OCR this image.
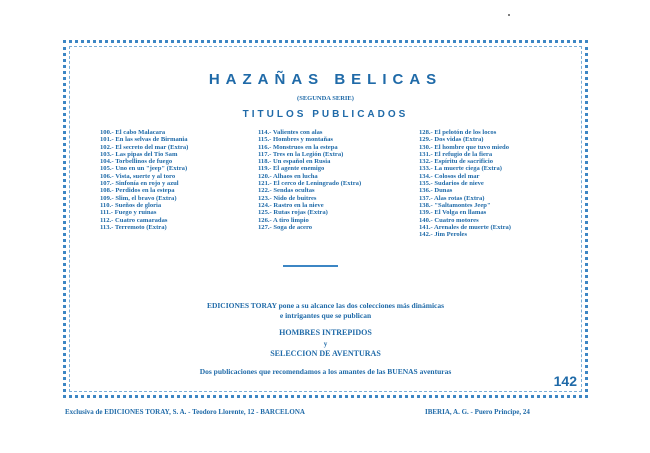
HAZAÑAS BELICAS
(SEGUNDA SERIE)
TITULOS PUBLICADOS
100.- El cabo Malacara
101.- En las selvas de Birmania
102.- El secreto del mar (Extra)
103.- Las pipas del Tio Sam
104.- Torbellinos de fuego
105.- Uno en un "jeep" (Extra)
106.- Vista, suerte y al toro
107.- Sinfonía en rojo y azul
108.- Perdidos en la estepa
109.- Slim, el bravo (Extra)
110.- Sueños de gloria
111.- Fuego y ruinas
112.- Cuatro camaradas
113.- Terremoto (Extra)
114.- Valientes con alas
115.- Hombres y montañas
116.- Monstruos en la estepa
117.- Tres en la Legión (Extra)
118.- Un español en Rusia
119.- El agente enemigo
120.- Alhaos en lucha
121.- El cerco de Leningrado (Extra)
122.- Sendas ocultas
123.- Nido de buitres
124.- Rastro en la nieve
125.- Rutas rojas (Extra)
126.- A tiro limpio
127.- Soga de acero
128.- El pelotón de los locos
129.- Dos vidas (Extra)
130.- El hombre que tuvo miedo
131.- El refugio de la fiera
132.- Espíritu de sacrificio
133.- La muerte ciega (Extra)
134.- Colosos del mar
135.- Sudarios de nieve
136.- Dunas
137.- Alas rotas (Extra)
138.- "Saltamontes Jeep"
139.- El Volga en llamas
140.- Cuatro motores
141.- Arenales de muerte (Extra)
142.- Jim Peroles
EDICIONES TORAY pone a su alcance las dos colecciones más dinámicas
e intrigantes que se publican
HOMBRES INTREPIDOS
y
SELECCION DE AVENTURAS
Dos publicaciones que recomendamos a los amantes de las BUENAS aventuras
142
Exclusiva de EDICIONES TORAY, S. A. - Teodoro Llorente, 12 - BARCELONA	IBERIA, A. G. - Puero Principe, 24
